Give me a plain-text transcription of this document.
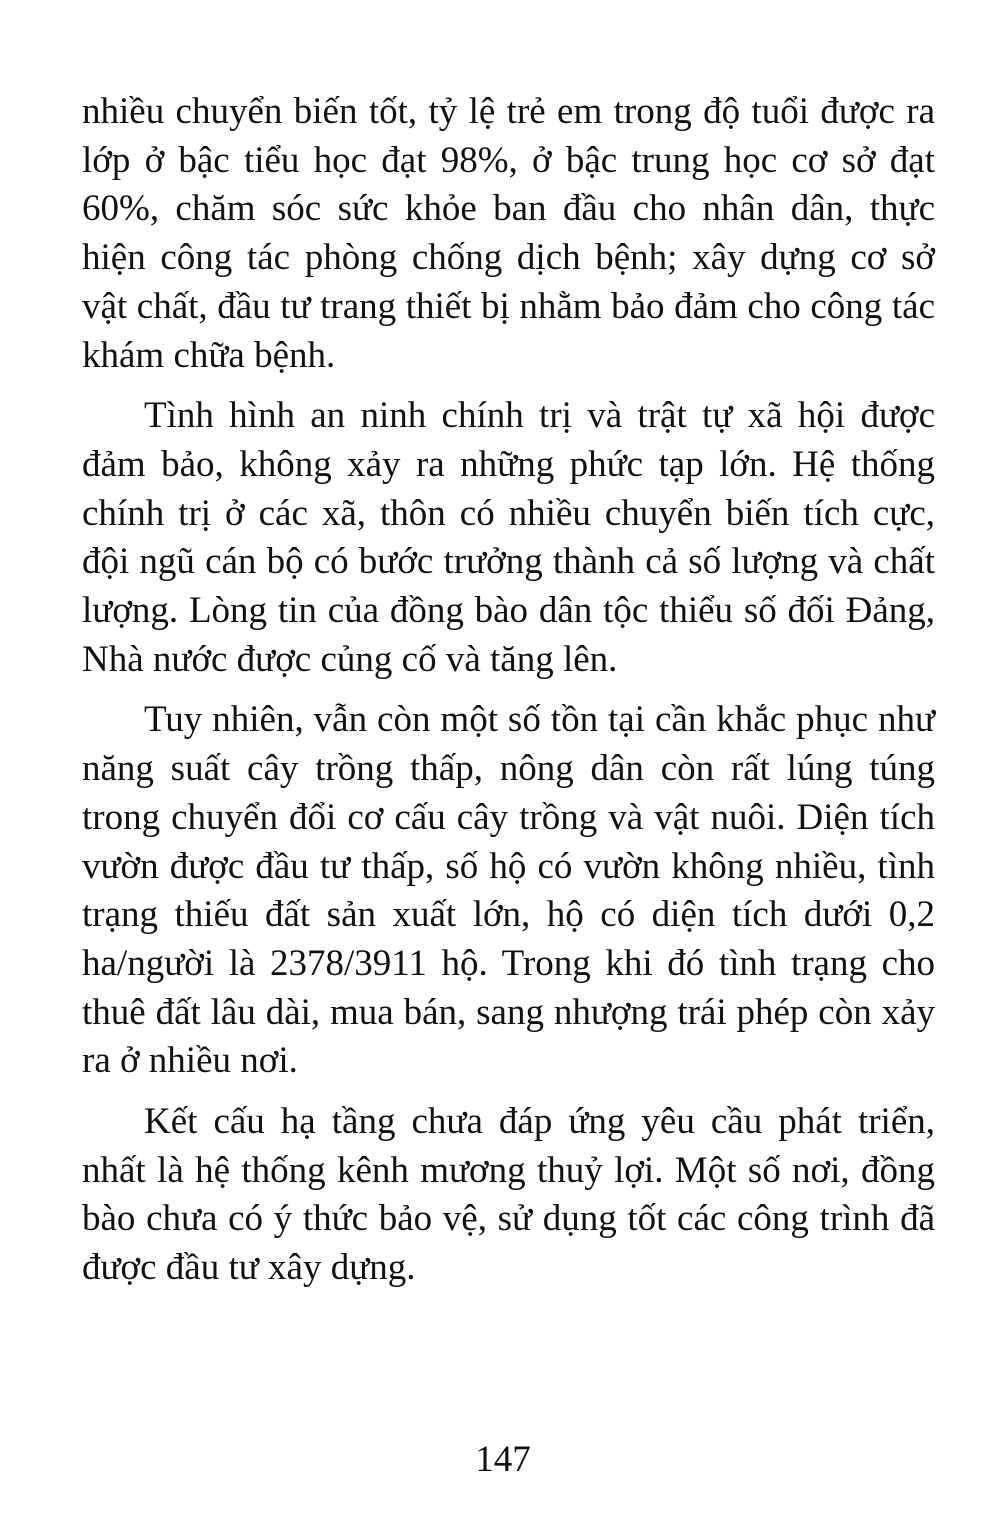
nhiều chuyển biến tốt, tỷ lệ trẻ em trong độ tuổi được ra lớp ở bậc tiểu học đạt 98%, ở bậc trung học cơ sở đạt 60%, chăm sóc sức khỏe ban đầu cho nhân dân, thực hiện công tác phòng chống dịch bệnh; xây dựng cơ sở vật chất, đầu tư trang thiết bị nhằm bảo đảm cho công tác khám chữa bệnh.

Tình hình an ninh chính trị và trật tự xã hội được đảm bảo, không xảy ra những phức tạp lớn. Hệ thống chính trị ở các xã, thôn có nhiều chuyển biến tích cực, đội ngũ cán bộ có bước trưởng thành cả số lượng và chất lượng. Lòng tin của đồng bào dân tộc thiểu số đối Đảng, Nhà nước được củng cố và tăng lên.

Tuy nhiên, vẫn còn một số tồn tại cần khắc phục như năng suất cây trồng thấp, nông dân còn rất lúng túng trong chuyển đổi cơ cấu cây trồng và vật nuôi. Diện tích vườn được đầu tư thấp, số hộ có vườn không nhiều, tình trạng thiếu đất sản xuất lớn, hộ có diện tích dưới 0,2 ha/người là 2378/3911 hộ. Trong khi đó tình trạng cho thuê đất lâu dài, mua bán, sang nhượng trái phép còn xảy ra ở nhiều nơi.

Kết cấu hạ tầng chưa đáp ứng yêu cầu phát triển, nhất là hệ thống kênh mương thuỷ lợi. Một số nơi, đồng bào chưa có ý thức bảo vệ, sử dụng tốt các công trình đã được đầu tư xây dựng.

147
